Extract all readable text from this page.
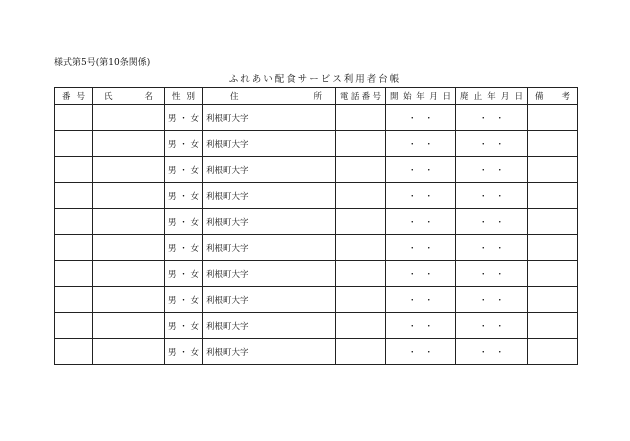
様式第5号(第10条関係)
ふれあい配食サービス利用者台帳
番 号	氏 名	性 別	住 所	電 話 番 号	開 始 年 月 日	廃 止 年 月 日	備 考

		男 ・ 女	利根町大字		・ ・	・ ・	
		男 ・ 女	利根町大字		・ ・	・ ・	
		男 ・ 女	利根町大字		・ ・	・ ・	
		男 ・ 女	利根町大字		・ ・	・ ・	
		男 ・ 女	利根町大字		・ ・	・ ・	
		男 ・ 女	利根町大字		・ ・	・ ・	
		男 ・ 女	利根町大字		・ ・	・ ・	
		男 ・ 女	利根町大字		・ ・	・ ・	
		男 ・ 女	利根町大字		・ ・	・ ・	
		男 ・ 女	利根町大字		・ ・	・ ・	
